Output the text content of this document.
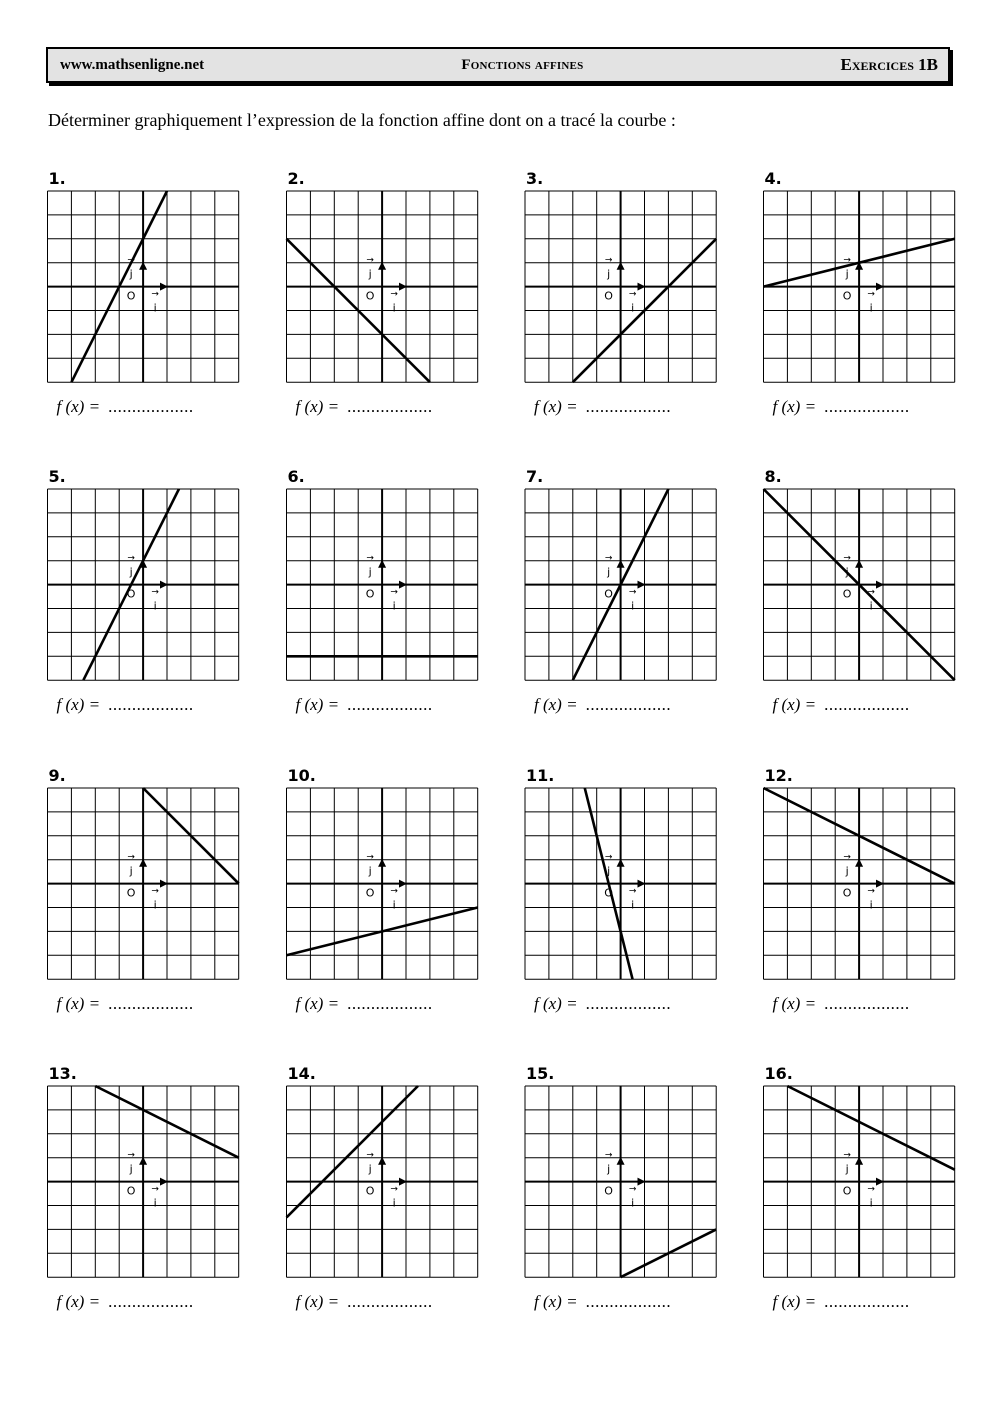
www.mathsenligne.net	Fonctions affines	Exercices 1B
Déterminer graphiquement l’expression de la fonction affine dont on a tracé la courbe :
O
j
→
i
→	O
j
→
i
→	O
j
→
i
→	O
j
→
i
→
O
j
→
i
→	O
j
→
i
→	O
j
→
i
→	O
j
→
i
→
O
j
→
i
→	O
j
→
i
→	O
j
→
i
→	O
j
→
i
→
O
j
→
i
→	O
j
→
i
→	O
j
→
i
→	O
j
→
i
→
1.
f (x) = ..................
2.
f (x) = ..................
3.
f (x) = ..................
4.
f (x) = ..................
5.
f (x) = ..................
6.
f (x) = ..................
7.
f (x) = ..................
8.
f (x) = ..................
9.
f (x) = ..................
10.
f (x) = ..................
11.
f (x) = ..................
12.
f (x) = ..................
13.
f (x) = ..................
14.
f (x) = ..................
15.
f (x) = ..................
16.
f (x) = ..................
